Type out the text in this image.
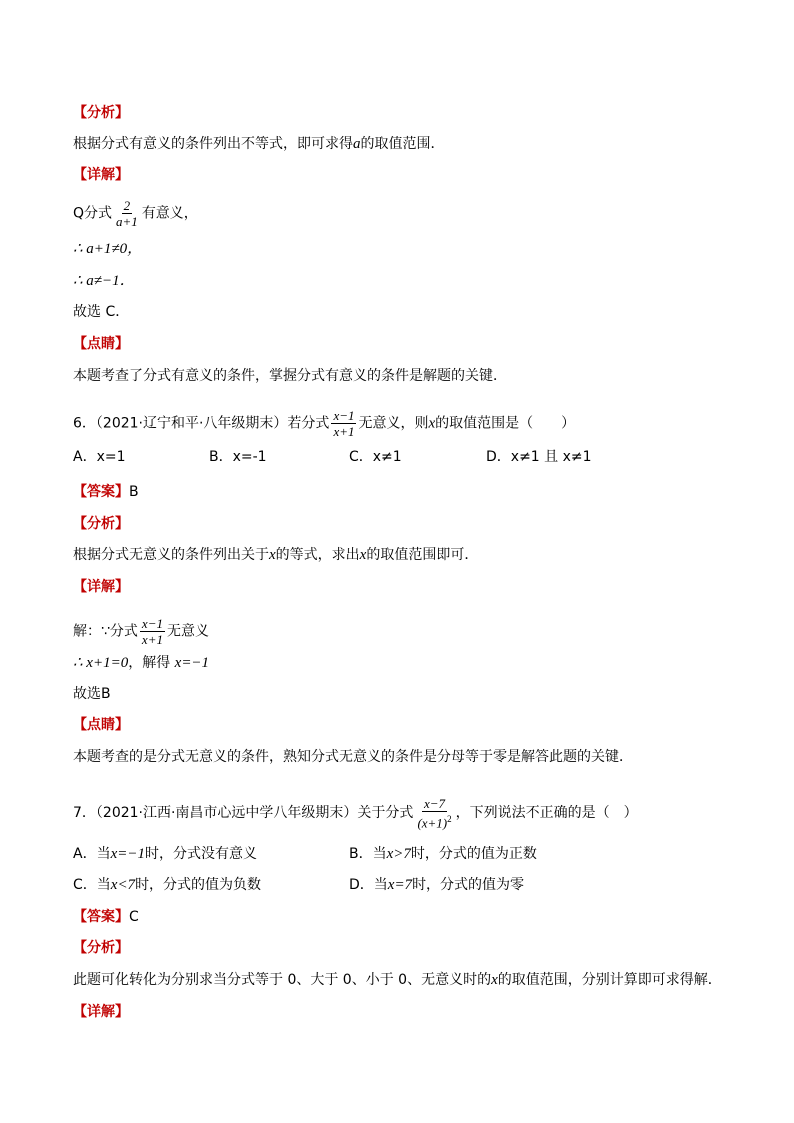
【分析】
根据分式有意义的条件列出不等式，即可求得a的取值范围．
【详解】
Q分式 $\frac{2}{a+1}$ 有意义，
∴ a+1≠0，
∴ a≠−1．
故选 C．
【点睛】
本题考查了分式有意义的条件，掌握分式有意义的条件是解题的关键．
6．（2021·辽宁和平·八年级期末）若分式 $\frac{x-1}{x+1}$ 无意义，则x的取值范围是（　　）
A．x=1	B．x=-1	C．x≠1	D．x≠1 且 x≠1
【答案】B
【分析】
根据分式无意义的条件列出关于x的等式，求出x的取值范围即可．
【详解】
解：∵分式 $\frac{x-1}{x+1}$ 无意义
∴ x+1=0，解得 x=−1
故选B
【点睛】
本题考查的是分式无意义的条件，熟知分式无意义的条件是分母等于零是解答此题的关键．
7．（2021·江西·南昌市心远中学八年级期末）关于分式 $\frac{x-7}{(x+1)^2}$ ，下列说法不正确的是（　）
A．当x=−1时，分式没有意义	B．当x>7时，分式的值为正数
C．当x<7时，分式的值为负数	D．当x=7时，分式的值为零
【答案】C
【分析】
此题可化转化为分别求当分式等于 0、大于 0、小于 0、无意义时的x的取值范围，分别计算即可求得解．
【详解】
